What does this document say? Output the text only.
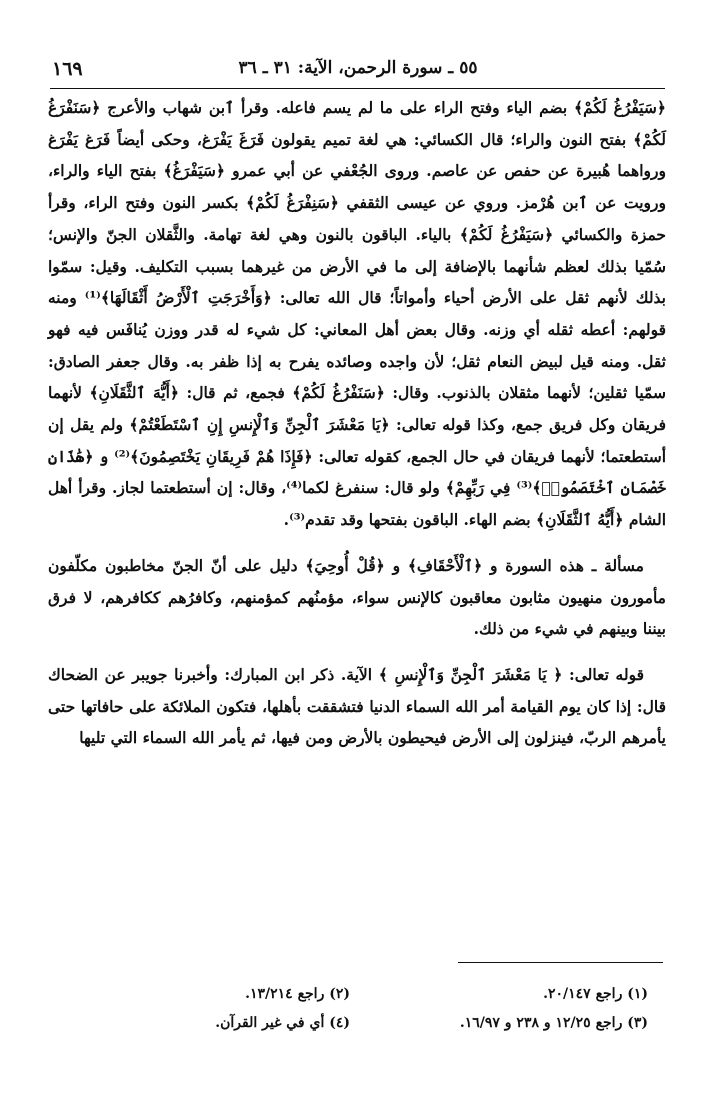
١٦٩	٥٥ ـ سورة الرحمن، الآية: ٣١ ـ ٣٦

﴿سَيَفْرُغُ لَكُمْ﴾ بضم الياء وفتح الراء على ما لم يسم فاعله. وقرأ ٱبن شهاب والأعرج ﴿سَنَفْرَغُ لَكُمْ﴾ بفتح النون والراء؛ قال الكسائي: هي لغة تميم يقولون فَرَغَ يَفْرَغ، وحكى أيضاً فَرَغ يَفْرَغ ورواهما هُبيرة عن حفص عن عاصم. وروى الجُعْفي عن أبي عمرو ﴿سَيَفْرَغُ﴾ بفتح الياء والراء، ورويت عن ٱبن هُرْمز. وروي عن عيسى الثقفي ﴿سَنِفْرَغُ لَكُمْ﴾ بكسر النون وفتح الراء، وقرأ حمزة والكسائي ﴿سَيَفْرُغُ لَكُمْ﴾ بالياء. الباقون بالنون وهي لغة تهامة. والثَّقلان الجنّ والإنس؛ سُمّيا بذلك لعظم شأنهما بالإضافة إلى ما في الأرض من غيرهما بسبب التكليف. وقيل: سمّوا بذلك لأنهم ثقل على الأرض أحياء وأمواتاً؛ قال الله تعالى: ﴿وَأَخْرَجَتِ ٱلْأَرْضُ أَثْقَالَهَا﴾⁽¹⁾ ومنه قولهم: أعطه ثقله أي وزنه. وقال بعض أهل المعاني: كل شيء له قدر ووزن يُنافَس فيه فهو ثقل. ومنه قيل لبيض النعام ثقل؛ لأن واجده وصائده يفرح به إذا ظفر به. وقال جعفر الصادق: سمّيا ثقلين؛ لأنهما مثقلان بالذنوب. وقال: ﴿سَنَفْرُغُ لَكُمْ﴾ فجمع، ثم قال: ﴿أَيُّهَ ٱلثَّقَلَانِ﴾ لأنهما فريقان وكل فريق جمع، وكذا قوله تعالى: ﴿يَا مَعْشَرَ ٱلْجِنِّ وَٱلْإِنسِ إِنِ ٱسْتَطَعْتُمْ﴾ ولم يقل إن أستطعتما؛ لأنهما فريقان في حال الجمع، كقوله تعالى: ﴿فَإِذَا هُمْ فَرِيقَانِ يَخْتَصِمُونَ﴾⁽²⁾ و ﴿هَٰذَانِ خَصْمَانِ ٱخْتَصَمُوا۟﴾⁽³⁾ فِي رَبِّهِمْ﴾ ولو قال: سنفرغ لكما⁽⁴⁾، وقال: إن أستطعتما لجاز. وقرأ أهل الشام ﴿أَيُّهُ ٱلثَّقَلَانِ﴾ بضم الهاء. الباقون بفتحها وقد تقدم⁽³⁾.

مسألة ـ هذه السورة و ﴿ٱلْأَحْقَافِ﴾ و ﴿قُلْ أُوحِيَ﴾ دليل على أنّ الجنّ مخاطبون مكلّفون مأمورون منهيون مثابون معاقبون كالإنس سواء، مؤمنُهم كمؤمنهم، وكافرُهم ككافرهم، لا فرق بيننا وبينهم في شيء من ذلك.

قوله تعالى: ﴿ يَا مَعْشَرَ ٱلْجِنِّ وَٱلْإِنسِ ﴾ الآية. ذكر ابن المبارك: وأخبرنا جويبر عن الضحاك قال: إذا كان يوم القيامة أمر الله السماء الدنيا فتشققت بأهلها، فتكون الملائكة على حافاتها حتى يأمرهم الربّ، فينزلون إلى الأرض فيحيطون بالأرض ومن فيها، ثم يأمر الله السماء التي تليها

(١) راجع ٢٠/١٤٧.
(٢) راجع ١٣/٢١٤.
(٣) راجع ١٢/٢٥ و ٢٣٨ و ١٦/٩٧.
(٤) أي في غير القرآن.
